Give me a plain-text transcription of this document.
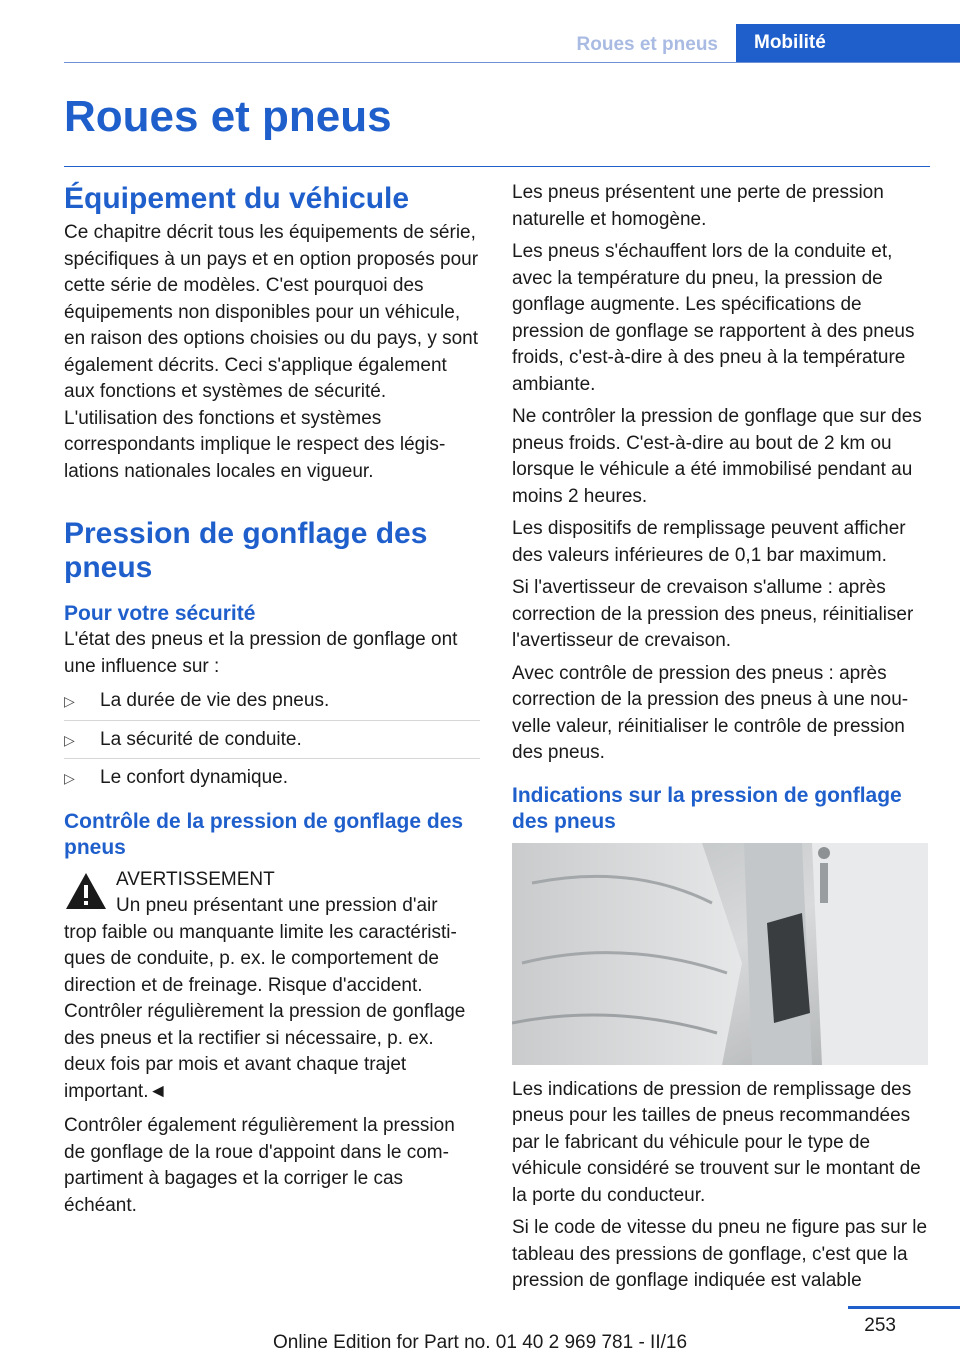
Roues et pneus	Mobilité
Roues et pneus
Équipement du véhicule

Ce chapitre décrit tous les équipements de série, spécifiques à un pays et en option proposés pour cette série de modèles. C'est pourquoi des équipements non disponibles pour un véhicule, en raison des options choisies ou du pays, y sont également décrits. Ceci s'applique également aux fonctions et systèmes de sécurité. L'utilisation des fonctions et systèmes correspondants implique le respect des législations nationales locales en vigueur.

Pression de gonflage des pneus
Pour votre sécurité

L'état des pneus et la pression de gonflage ont une influence sur :

▷ La durée de vie des pneus.
▷ La sécurité de conduite.
▷ Le confort dynamique.
Contrôle de la pression de gonflage des pneus
AVERTISSEMENT
Un pneu présentant une pression d'air

trop faible ou manquante limite les caractéristiques de conduite, p. ex. le comportement de direction et de freinage. Risque d'accident. Contrôler régulièrement la pression de gonflage des pneus et la rectifier si nécessaire, p. ex. deux fois par mois et avant chaque trajet important.◄

Contrôler également régulièrement la pression de gonflage de la roue d'appoint dans le compartiment à bagages et la corriger le cas échéant.

Les pneus présentent une perte de pression naturelle et homogène.

Les pneus s'échauffent lors de la conduite et, avec la température du pneu, la pression de gonflage augmente. Les spécifications de pression de gonflage se rapportent à des pneus froids, c'est-à-dire à des pneu à la température ambiante.

Ne contrôler la pression de gonflage que sur des pneus froids. C'est-à-dire au bout de 2 km ou lorsque le véhicule a été immobilisé pendant au moins 2 heures.

Les dispositifs de remplissage peuvent afficher des valeurs inférieures de 0,1 bar maximum.

Si l'avertisseur de crevaison s'allume : après correction de la pression des pneus, réinitialiser l'avertisseur de crevaison.

Avec contrôle de pression des pneus : après correction de la pression des pneus à une nouvelle valeur, réinitialiser le contrôle de pression des pneus.

Indications sur la pression de gonflage des pneus

Les indications de pression de remplissage des pneus pour les tailles de pneus recommandées par le fabricant du véhicule pour le type de véhicule considéré se trouvent sur le montant de la porte du conducteur.

Si le code de vitesse du pneu ne figure pas sur le tableau des pressions de gonflage, c'est que la pression de gonflage indiquée est valable

253
Online Edition for Part no. 01 40 2 969 781 - II/16
